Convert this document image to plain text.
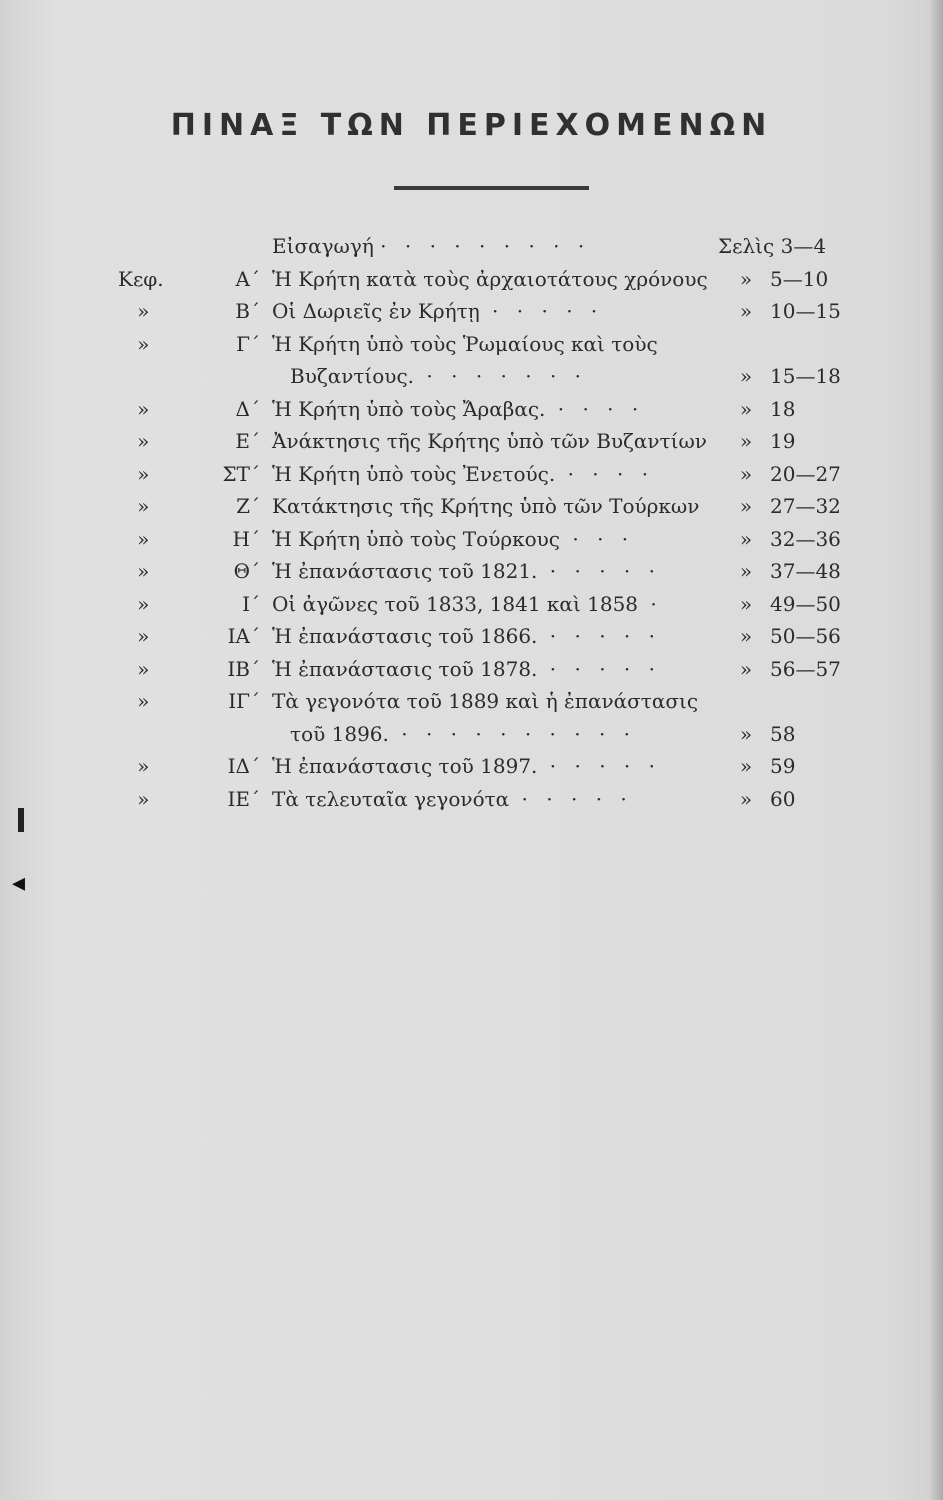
ΠΙΝΑΞ ΤΩΝ ΠΕΡΙΕΧΟΜΕΝΩΝ
Εἰσαγωγή · · · · · · · · ·	Σελὶς 3—4
Κεφ.	Α΄ Ἡ Κρήτη κατὰ τοὺς ἀρχαιοτάτους χρόνους	» 5—10
»	Β΄ Οἱ Δωριεῖς ἐν Κρήτῃ · · · · ·	» 10—15
»	Γ΄ Ἡ Κρήτη ὑπὸ τοὺς Ῥωμαίους καὶ τοὺς
Βυζαντίους. · · · · · · ·	» 15—18
»	Δ΄ Ἡ Κρήτη ὑπὸ τοὺς Ἄραβας. · · · ·	» 18
»	Ε΄ Ἀνάκτησις τῆς Κρήτης ὑπὸ τῶν Βυζαντίων	» 19
»	ΣΤ΄ Ἡ Κρήτη ὑπὸ τοὺς Ἐνετούς. · · · ·	» 20—27
»	Ζ΄ Κατάκτησις τῆς Κρήτης ὑπὸ τῶν Τούρκων	» 27—32
»	Η΄ Ἡ Κρήτη ὑπὸ τοὺς Τούρκους · · ·	» 32—36
»	Θ΄ Ἡ ἐπανάστασις τοῦ 1821. · · · · ·	» 37—48
»	Ι΄ Οἱ ἀγῶνες τοῦ 1833, 1841 καὶ 1858 ·	» 49—50
»	ΙΑ΄ Ἡ ἐπανάστασις τοῦ 1866. · · · · ·	» 50—56
»	ΙΒ΄ Ἡ ἐπανάστασις τοῦ 1878. · · · · ·	» 56—57
»	ΙΓ΄ Τὰ γεγονότα τοῦ 1889 καὶ ἡ ἐπανάστασις
τοῦ 1896. · · · · · · · · · ·	» 58
»	ΙΔ΄ Ἡ ἐπανάστασις τοῦ 1897. · · · · ·	» 59
»	ΙΕ΄ Τὰ τελευταῖα γεγονότα · · · · ·	» 60
◂
